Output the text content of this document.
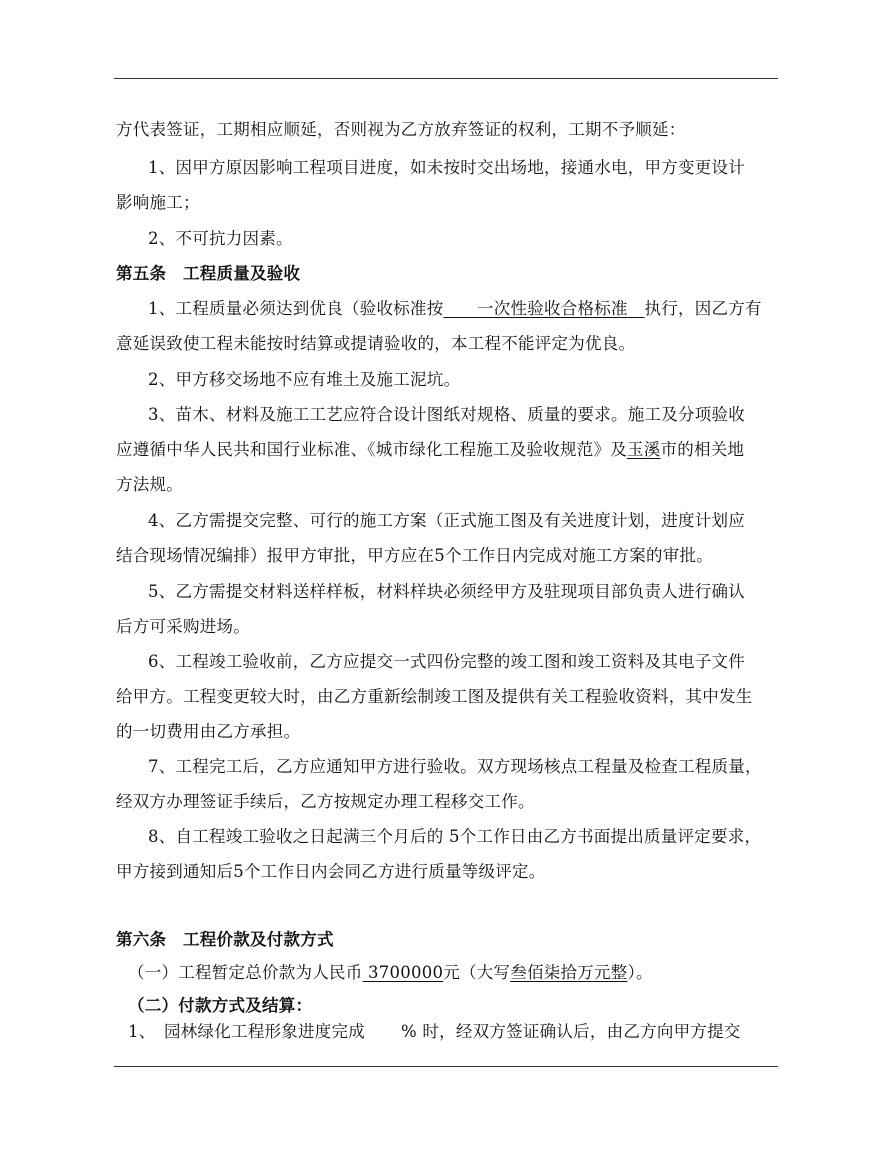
方代表签证，工期相应顺延，否则视为乙方放弃签证的权利，工期不予顺延：
1、因甲方原因影响工程项目进度，如未按时交出场地，接通水电，甲方变更设计
影响施工；
2、不可抗力因素。
第五条　工程质量及验收
1、工程质量必须达到优良（验收标准按　　 一次性验收合格标准　 执行，因乙方有
意延误致使工程未能按时结算或提请验收的，本工程不能评定为优良。
2、甲方移交场地不应有堆土及施工泥坑。
3、苗木、材料及施工工艺应符合设计图纸对规格、质量的要求。施工及分项验收
应遵循中华人民共和国行业标准、《城市绿化工程施工及验收规范》及玉溪市的相关地
方法规。
4、乙方需提交完整、可行的施工方案（正式施工图及有关进度计划，进度计划应
结合现场情况编排）报甲方审批，甲方应在5个工作日内完成对施工方案的审批。
5、乙方需提交材料送样样板，材料样块必须经甲方及驻现项目部负责人进行确认
后方可采购进场。
6、工程竣工验收前，乙方应提交一式四份完整的竣工图和竣工资料及其电子文件
给甲方。工程变更较大时，由乙方重新绘制竣工图及提供有关工程验收资料，其中发生
的一切费用由乙方承担。
7、工程完工后，乙方应通知甲方进行验收。双方现场核点工程量及检查工程质量，
经双方办理签证手续后，乙方按规定办理工程移交工作。
8、自工程竣工验收之日起满三个月后的 5个工作日由乙方书面提出质量评定要求，
甲方接到通知后5个工作日内会同乙方进行质量等级评定。
第六条　工程价款及付款方式
（一）工程暂定总价款为人民币 3700000元（大写叁佰柒拾万元整）。
（二）付款方式及结算：
1、　园林绿化工程形象进度完成 % 时，经双方签证确认后，由乙方向甲方提交
